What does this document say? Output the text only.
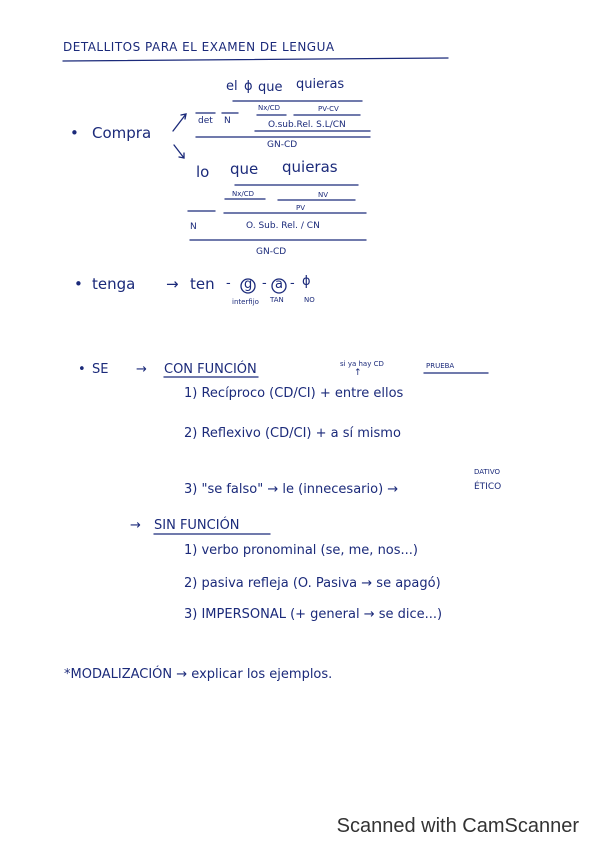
DETALLITOS PARA EL EXAMEN DE LENGUA
• Compra
el ϕ que quieras
Nx/CD	PV-CV
det N	O.sub.Rel. S.L/CN
GN-CD
lo que quieras
Nx/CD	NV
PV
N	O. Sub. Rel. / CN
GN-CD
• tenga → ten - g - a - ϕ
interfijo TAN	NO
• SE → CON FUNCIÓN	si ya hay CD
↑
PRUEBA
1) Recíproco (CD/CI) + entre ellos
2) Reflexivo (CD/CI) + a sí mismo
3) "se falso" → le (innecesario) →
DATIVO
ÉTICO
→ SIN FUNCIÓN
1) verbo pronominal (se, me, nos...)
2) pasiva refleja (O. Pasiva → se apagó)
3) IMPERSONAL (+ general → se dice...)
*MODALIZACIÓN → explicar los ejemplos.
Scanned with CamScanner
